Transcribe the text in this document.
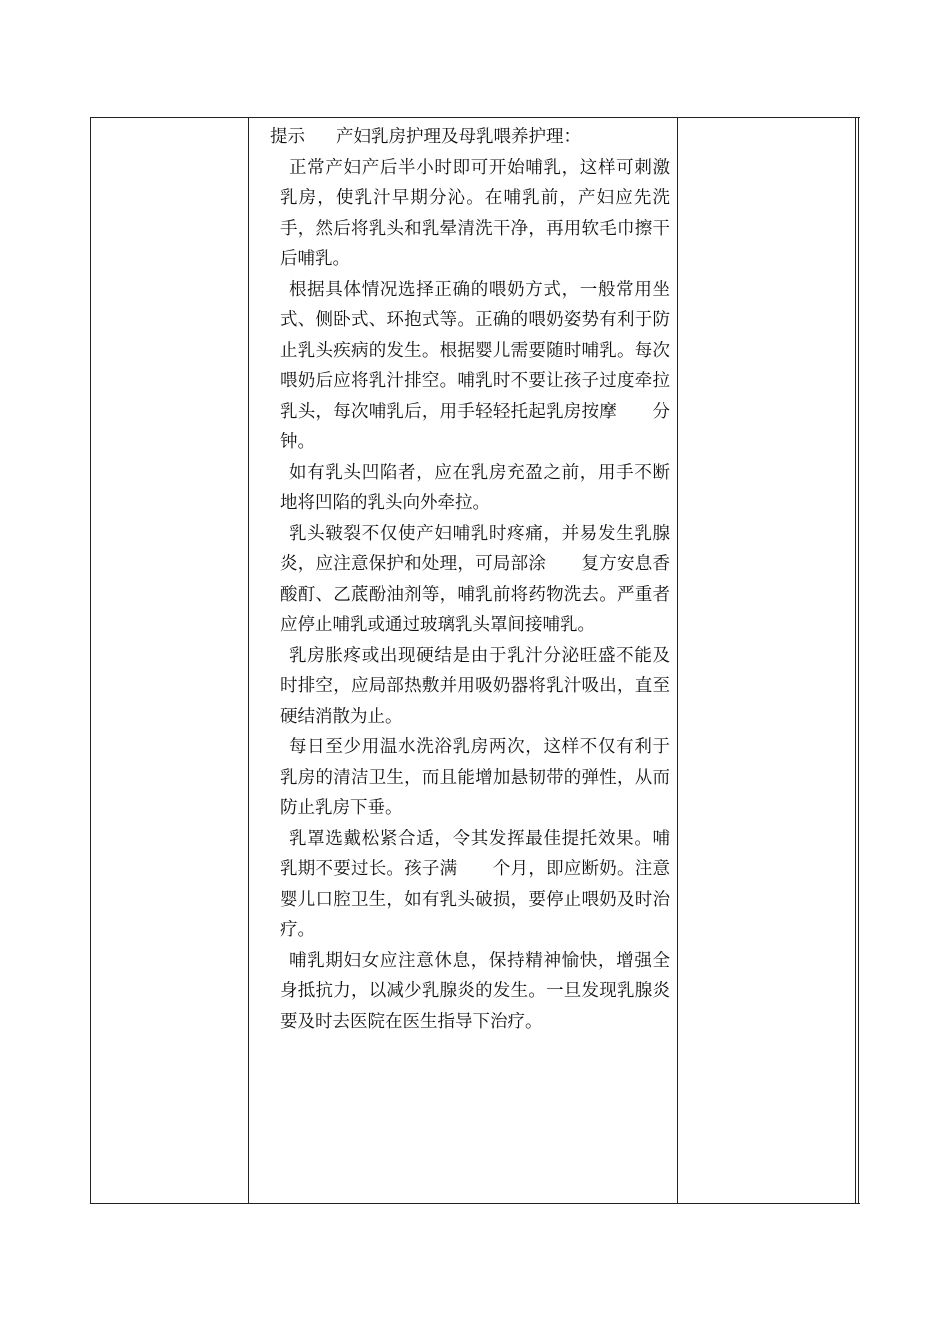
提示 产妇乳房护理及母乳喂养护理：

正常产妇产后半小时即可开始哺乳，这样可刺激乳房，使乳汁早期分沁。在哺乳前，产妇应先洗手，然后将乳头和乳晕清洗干净，再用软毛巾擦干后哺乳。

根据具体情况选择正确的喂奶方式，一般常用坐式、侧卧式、环抱式等。正确的喂奶姿势有利于防止乳头疾病的发生。根据婴儿需要随时哺乳。每次喂奶后应将乳汁排空。哺乳时不要让孩子过度牵拉乳头，每次哺乳后，用手轻轻托起乳房按摩　　分钟。

如有乳头凹陷者，应在乳房充盈之前，用手不断地将凹陷的乳头向外牵拉。

乳头皲裂不仅使产妇哺乳时疼痛，并易发生乳腺炎，应注意保护和处理，可局部涂　　复方安息香酸酊、乙菧酚油剂等，哺乳前将药物洗去。严重者应停止哺乳或通过玻璃乳头罩间接哺乳。

乳房胀疼或出现硬结是由于乳汁分泌旺盛不能及时排空，应局部热敷并用吸奶器将乳汁吸出，直至硬结消散为止。

每日至少用温水洗浴乳房两次，这样不仅有利于乳房的清洁卫生，而且能增加悬韧带的弹性，从而防止乳房下垂。

乳罩选戴松紧合适，令其发挥最佳提托效果。哺乳期不要过长。孩子满　　个月，即应断奶。注意婴儿口腔卫生，如有乳头破损，要停止喂奶及时治疗。

哺乳期妇女应注意休息，保持精神愉快，增强全身抵抗力，以减少乳腺炎的发生。一旦发现乳腺炎要及时去医院在医生指导下治疗。
